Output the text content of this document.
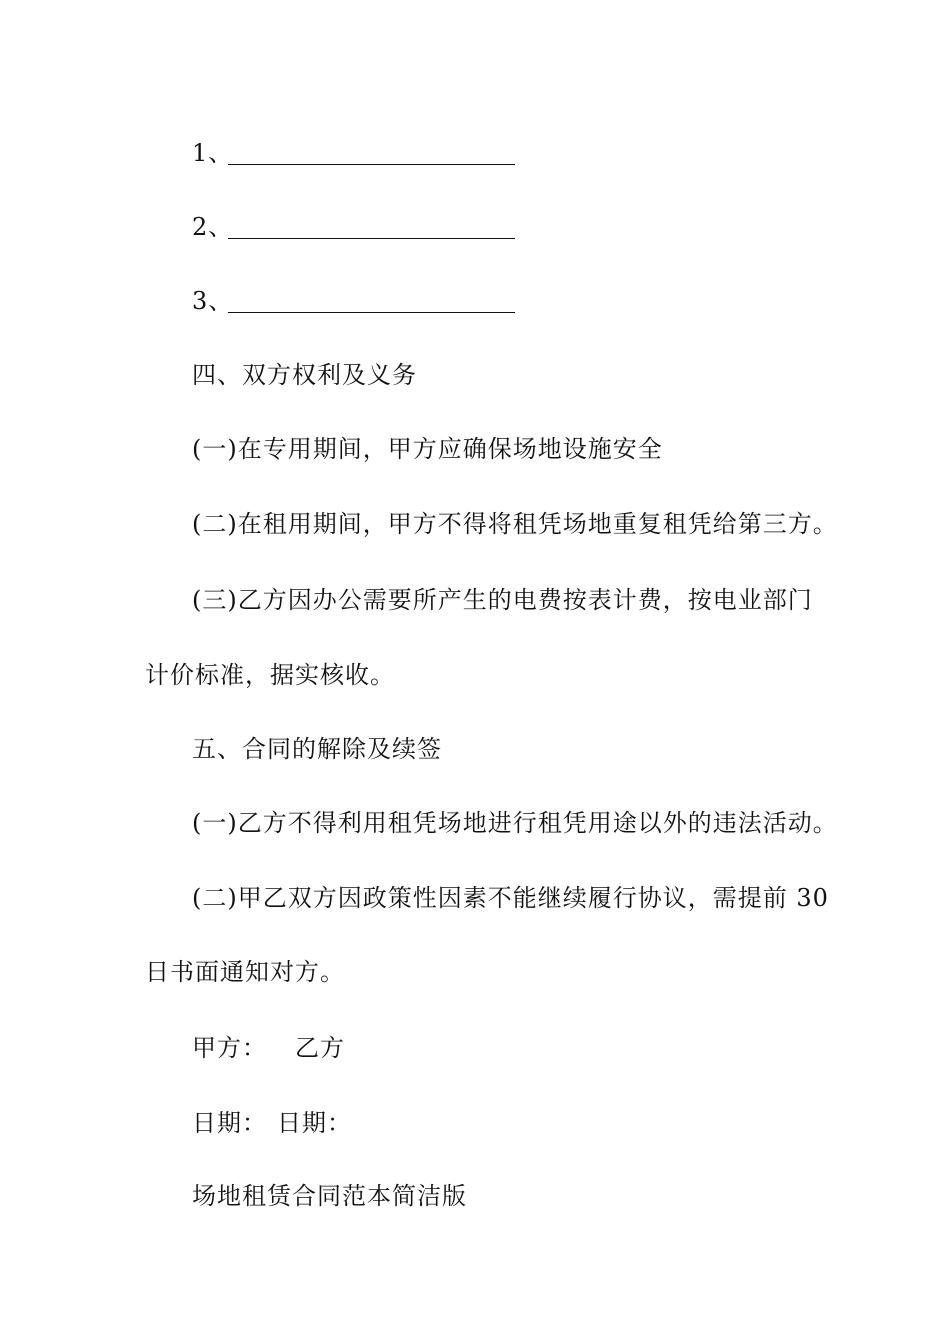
1、
2、
3、
四、双方权利及义务
(一)在专用期间，甲方应确保场地设施安全
(二)在租用期间，甲方不得将租凭场地重复租凭给第三方。
(三)乙方因办公需要所产生的电费按表计费，按电业部门
计价标准，据实核收。
五、合同的解除及续签
(一)乙方不得利用租凭场地进行租凭用途以外的违法活动。
(二)甲乙双方因政策性因素不能继续履行协议，需提前 30
日书面通知对方。
甲方： 乙方
日期： 日期：
场地租赁合同范本简洁版
